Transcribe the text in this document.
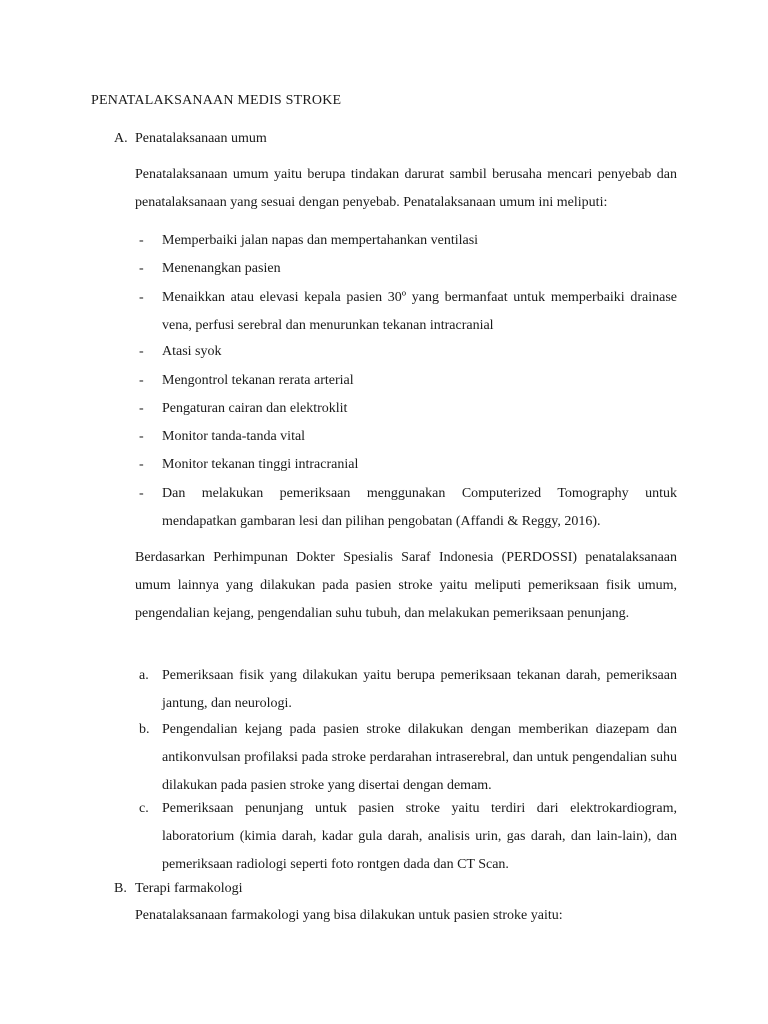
PENATALAKSANAAN MEDIS STROKE
A. Penatalaksanaan umum
Penatalaksanaan umum yaitu berupa tindakan darurat sambil berusaha mencari penyebab dan penatalaksanaan yang sesuai dengan penyebab. Penatalaksanaan umum ini meliputi:
- Memperbaiki jalan napas dan mempertahankan ventilasi
- Menenangkan pasien
- Menaikkan atau elevasi kepala pasien 30º yang bermanfaat untuk memperbaiki drainase vena, perfusi serebral dan menurunkan tekanan intracranial
- Atasi syok
- Mengontrol tekanan rerata arterial
- Pengaturan cairan dan elektroklit
- Monitor tanda-tanda vital
- Monitor tekanan tinggi intracranial
- Dan melakukan pemeriksaan menggunakan Computerized Tomography untuk mendapatkan gambaran lesi dan pilihan pengobatan (Affandi & Reggy, 2016).
Berdasarkan Perhimpunan Dokter Spesialis Saraf Indonesia (PERDOSSI) penatalaksanaan umum lainnya yang dilakukan pada pasien stroke yaitu meliputi pemeriksaan fisik umum, pengendalian kejang, pengendalian suhu tubuh, dan melakukan pemeriksaan penunjang.
a. Pemeriksaan fisik yang dilakukan yaitu berupa pemeriksaan tekanan darah, pemeriksaan jantung, dan neurologi.
b. Pengendalian kejang pada pasien stroke dilakukan dengan memberikan diazepam dan antikonvulsan profilaksi pada stroke perdarahan intraserebral, dan untuk pengendalian suhu dilakukan pada pasien stroke yang disertai dengan demam.
c. Pemeriksaan penunjang untuk pasien stroke yaitu terdiri dari elektrokardiogram, laboratorium (kimia darah, kadar gula darah, analisis urin, gas darah, dan lain-lain), dan pemeriksaan radiologi seperti foto rontgen dada dan CT Scan.
B. Terapi farmakologi
Penatalaksanaan farmakologi yang bisa dilakukan untuk pasien stroke yaitu:
